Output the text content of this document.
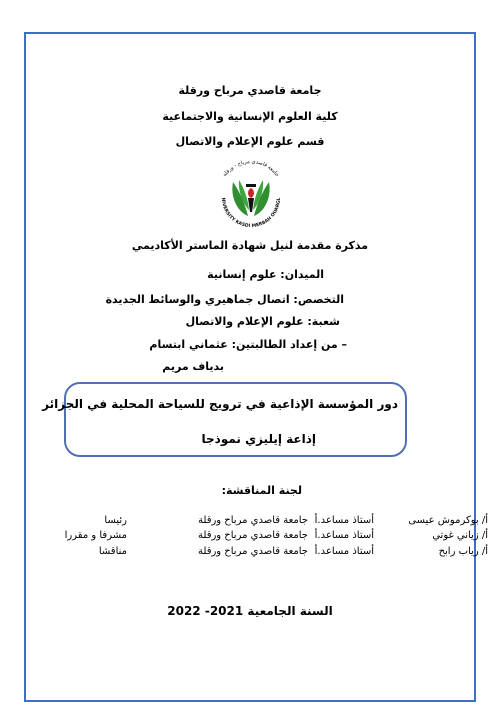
جامعة قاصدي مرباح ورقلة
كلية العلوم الإنسانية والاجتماعية
قسم علوم الإعلام والاتصال
جامعة قاصدي مرباح - ورقلة
NIVERSITY KASDI MERBAH OUARGL
مذكرة مقدمة لنيل شهادة الماستر الأكاديمي
الميدان: علوم إنسانية
التخصص: اتصال جماهيري والوسائط الجديدة
شعبة: علوم الإعلام والاتصال
– من إعداد الطالبتين: عثماني ابتسام
بدياف مريم
دور المؤسسة الإذاعية في ترويج للسياحة المحلية في الجزائر
إذاعة إيليزي نموذجا
لجنة المناقشة:
أ/ بوكرموش عيسى
أستاذ مساعد.أ
جامعة قاصدي مرباح ورقلة
رئيسا
أ/ زياني غوتي
أستاذ مساعد.أ
جامعة قاصدي مرباح ورقلة
مشرفا و مقررا
أ/ رياب رابح
أستاذ مساعد.أ
جامعة قاصدي مرباح ورقلة
مناقشا
السنة الجامعية 2021- 2022
